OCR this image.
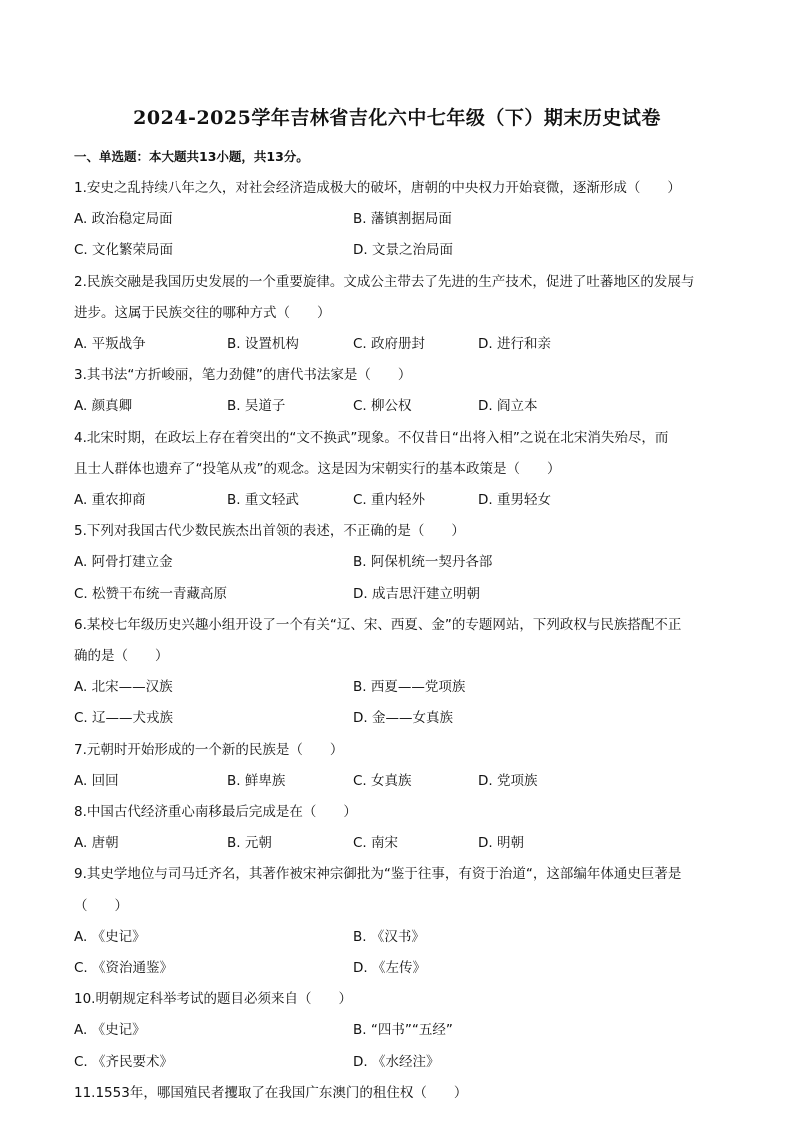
2024-2025学年吉林省吉化六中七年级（下）期末历史试卷
一、单选题：本大题共13小题，共13分。
1.安史之乱持续八年之久，对社会经济造成极大的破坏，唐朝的中央权力开始衰微，逐渐形成（　　）
A. 政治稳定局面	B. 藩镇割据局面
C. 文化繁荣局面	D. 文景之治局面
2.民族交融是我国历史发展的一个重要旋律。文成公主带去了先进的生产技术，促进了吐蕃地区的发展与
进步。这属于民族交往的哪种方式（　　）
A. 平叛战争	B. 设置机构	C. 政府册封	D. 进行和亲
3.其书法“方折峻丽，笔力劲健”的唐代书法家是（　　）
A. 颜真卿	B. 吴道子	C. 柳公权	D. 阎立本
4.北宋时期，在政坛上存在着突出的“文不换武”现象。不仅昔日“出将入相”之说在北宋消失殆尽，而
且士人群体也遗弃了“投笔从戎”的观念。这是因为宋朝实行的基本政策是（　　）
A. 重农抑商	B. 重文轻武	C. 重内轻外	D. 重男轻女
5.下列对我国古代少数民族杰出首领的表述，不正确的是（　　）
A. 阿骨打建立金	B. 阿保机统一契丹各部
C. 松赞干布统一青藏高原	D. 成吉思汗建立明朝
6.某校七年级历史兴趣小组开设了一个有关“辽、宋、西夏、金”的专题网站，下列政权与民族搭配不正
确的是（　　）
A. 北宋——汉族	B. 西夏——党项族
C. 辽——犬戎族	D. 金——女真族
7.元朝时开始形成的一个新的民族是（　　）
A. 回回	B. 鲜卑族	C. 女真族	D. 党项族
8.中国古代经济重心南移最后完成是在（　　）
A. 唐朝	B. 元朝	C. 南宋	D. 明朝
9.其史学地位与司马迁齐名，其著作被宋神宗御批为“鉴于往事，有资于治道“，这部编年体通史巨著是
（　　）
A. 《史记》	B. 《汉书》
C. 《资治通鉴》	D. 《左传》
10.明朝规定科举考试的题目必须来自（　　）
A. 《史记》	B. “四书”“五经”
C. 《齐民要术》	D. 《水经注》
11.1553年，哪国殖民者攫取了在我国广东澳门的租住权（　　）
